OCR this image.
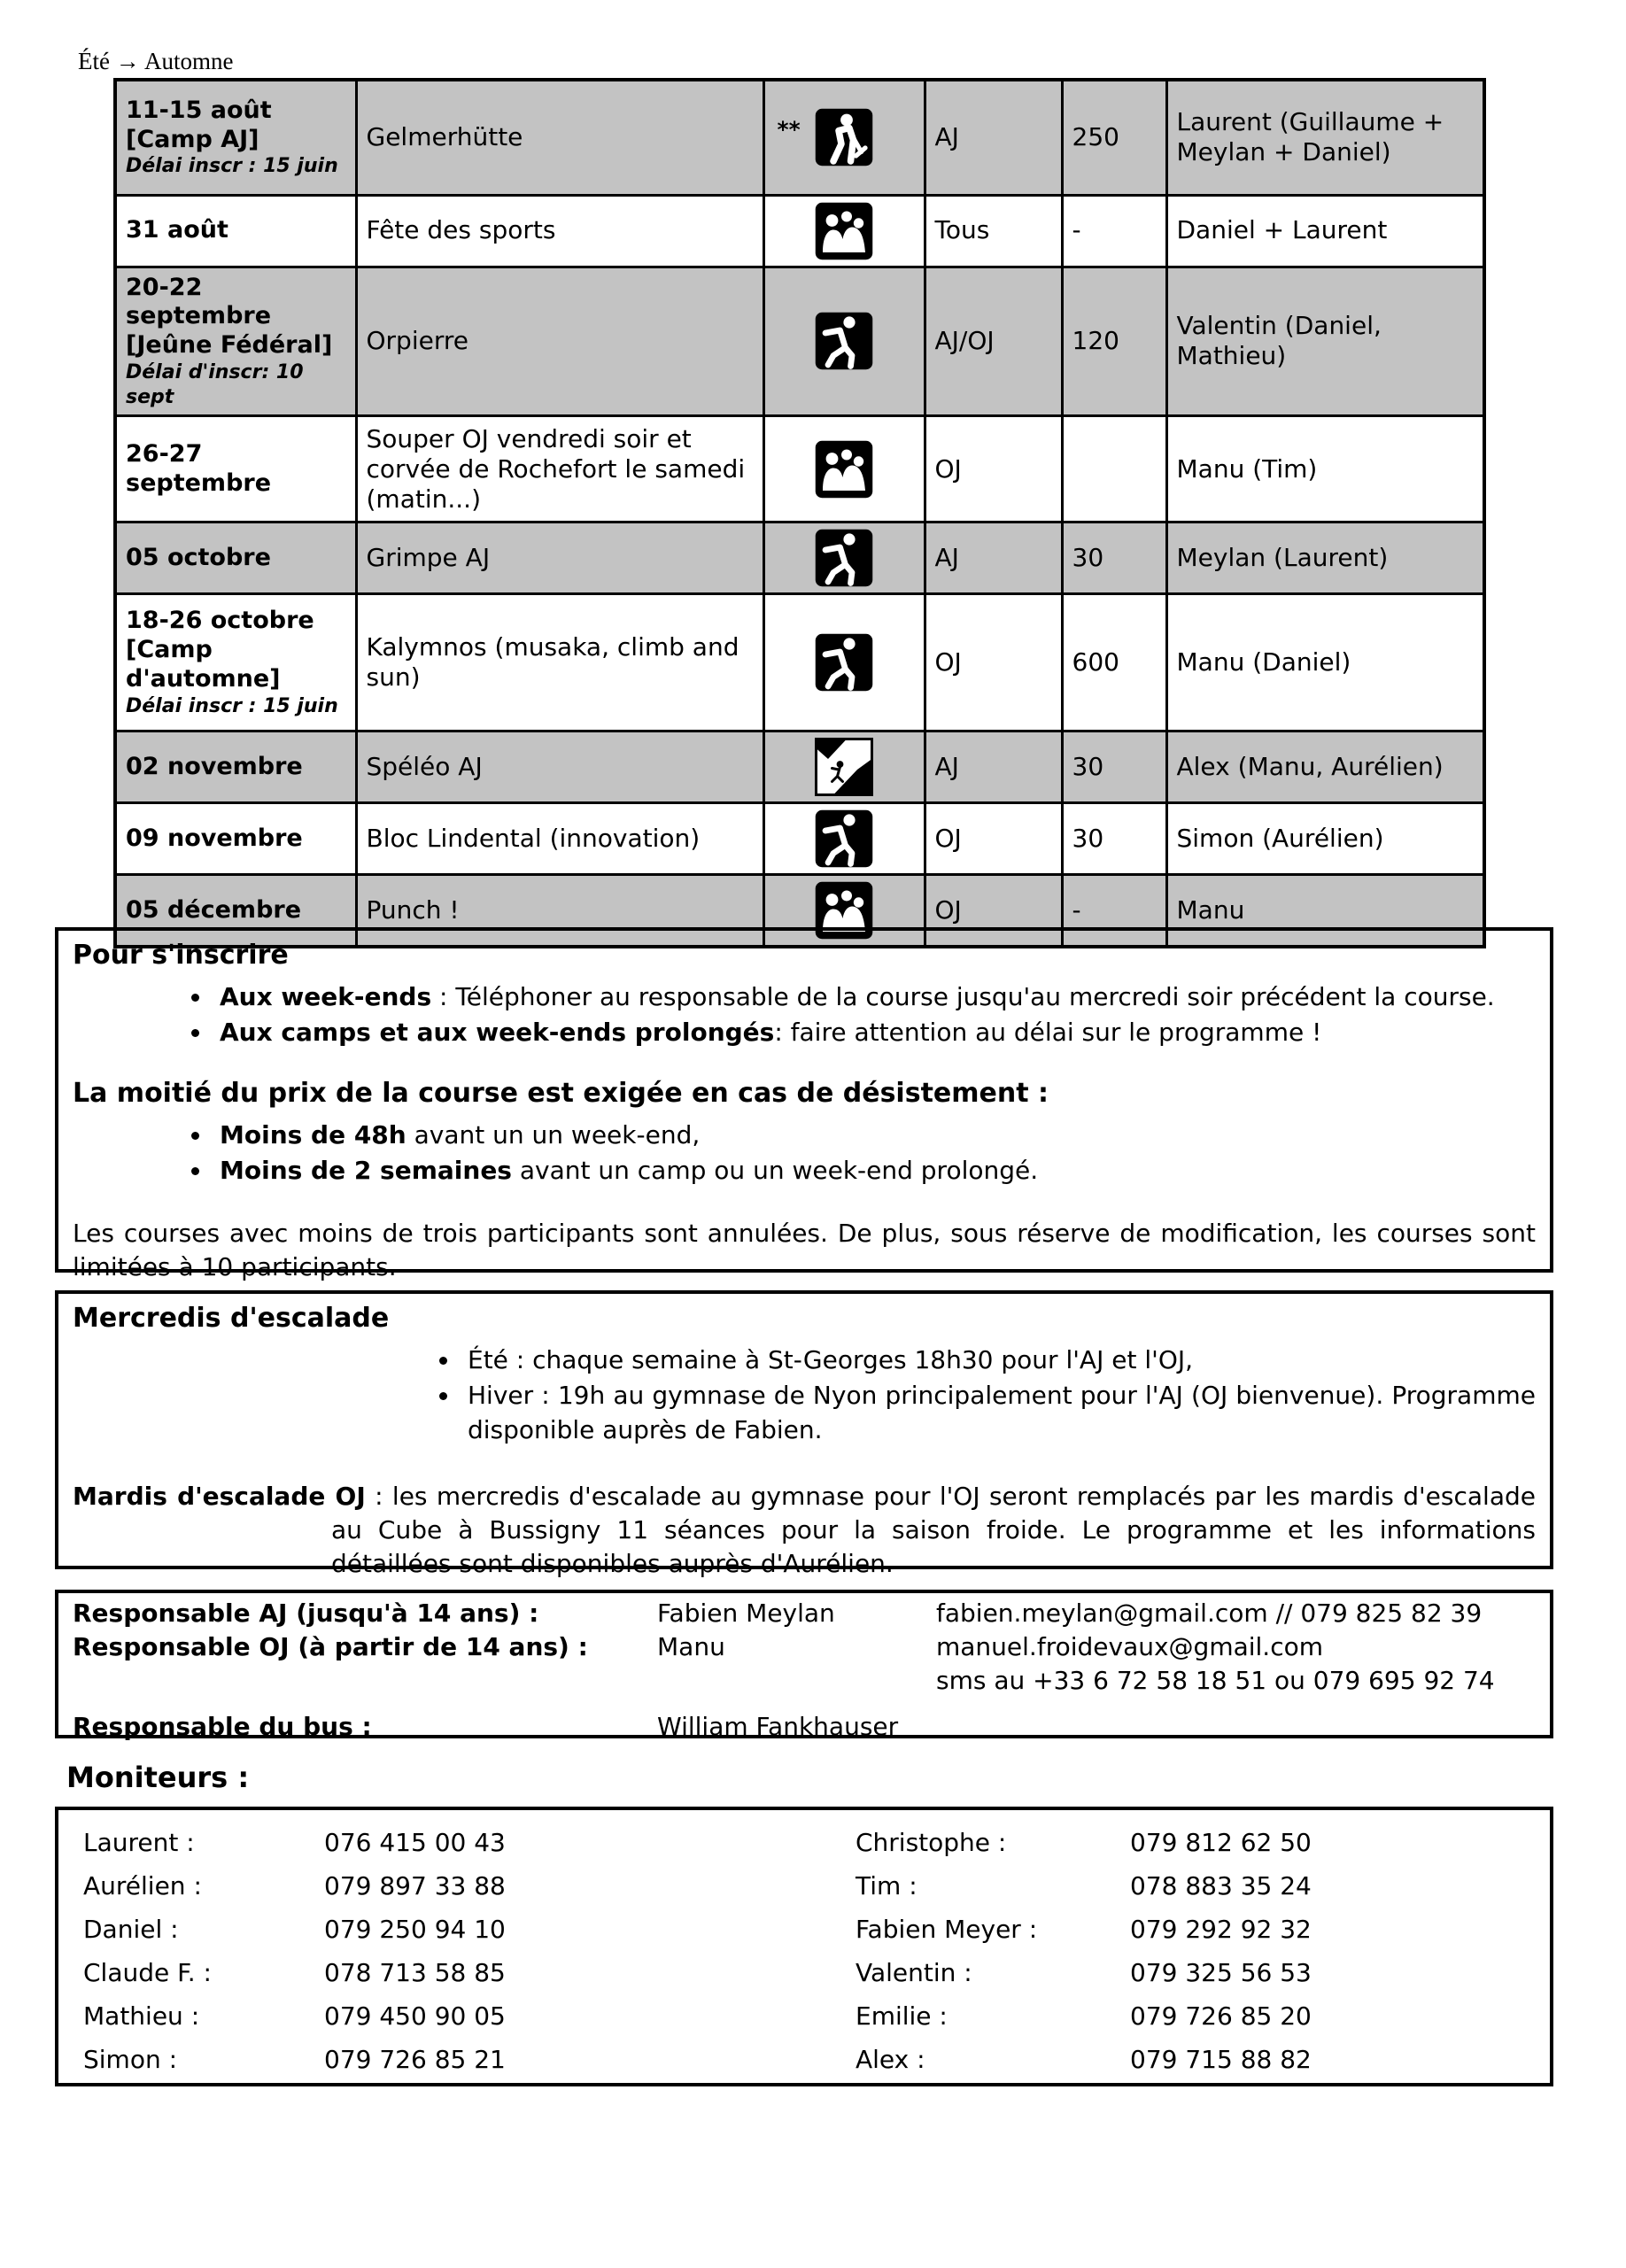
Été → Automne
11-15 août
[Camp AJ]
Délai inscr : 15 juin	Gelmerhütte	**	AJ	250	Laurent (Guillaume + Meylan + Daniel)

31 août	Fête des sports		Tous	-	Daniel + Laurent

20-22 septembre
[Jeûne Fédéral]
Délai d'inscr: 10 sept	Orpierre		AJ/OJ	120	Valentin (Daniel, Mathieu)

26-27 septembre	Souper OJ vendredi soir et corvée de Rochefort le samedi (matin...)		OJ		Manu (Tim)

05 octobre	Grimpe AJ		AJ	30	Meylan (Laurent)

18-26 octobre
[Camp d'automne]
Délai inscr : 15 juin	Kalymnos (musaka, climb and sun)		OJ	600	Manu (Daniel)

02 novembre	Spéléo AJ		AJ	30	Alex (Manu, Aurélien)

09 novembre	Bloc Lindental (innovation)		OJ	30	Simon (Aurélien)

05 décembre	Punch !		OJ	-	Manu
Pour s'inscrire
• Aux week-ends : Téléphoner au responsable de la course jusqu'au mercredi soir précédent la course.
• Aux camps et aux week-ends prolongés: faire attention au délai sur le programme !
La moitié du prix de la course est exigée en cas de désistement :
• Moins de 48h avant un un week-end,
• Moins de 2 semaines avant un camp ou un week-end prolongé.
Les courses avec moins de trois participants sont annulées. De plus, sous réserve de modification, les courses sont limitées à 10 participants.
Mercredis d'escalade
• Été : chaque semaine à St-Georges 18h30 pour l'AJ et l'OJ,
• Hiver : 19h au gymnase de Nyon principalement pour l'AJ (OJ bienvenue). Programme disponible auprès de Fabien.
Mardis d'escalade OJ : les mercredis d'escalade au gymnase pour l'OJ seront remplacés par les mardis d'escalade au Cube à Bussigny 11 séances pour la saison froide. Le programme et les informations détaillées sont disponibles auprès d'Aurélien.
Responsable AJ (jusqu'à 14 ans) :	Fabien Meylan	fabien.meylan@gmail.com // 079 825 82 39
Responsable OJ (à partir de 14 ans) :	Manu	manuel.froidevaux@gmail.com
sms au +33 6 72 58 18 51 ou 079 695 92 74
Responsable du bus :	William Fankhauser
Moniteurs :
Laurent :	076 415 00 43	Christophe :	079 812 62 50
Aurélien :	079 897 33 88	Tim :	078 883 35 24
Daniel :	079 250 94 10	Fabien Meyer :	079 292 92 32
Claude F. :	078 713 58 85	Valentin :	079 325 56 53
Mathieu :	079 450 90 05	Emilie :	079 726 85 20
Simon :	079 726 85 21	Alex :	079 715 88 82
